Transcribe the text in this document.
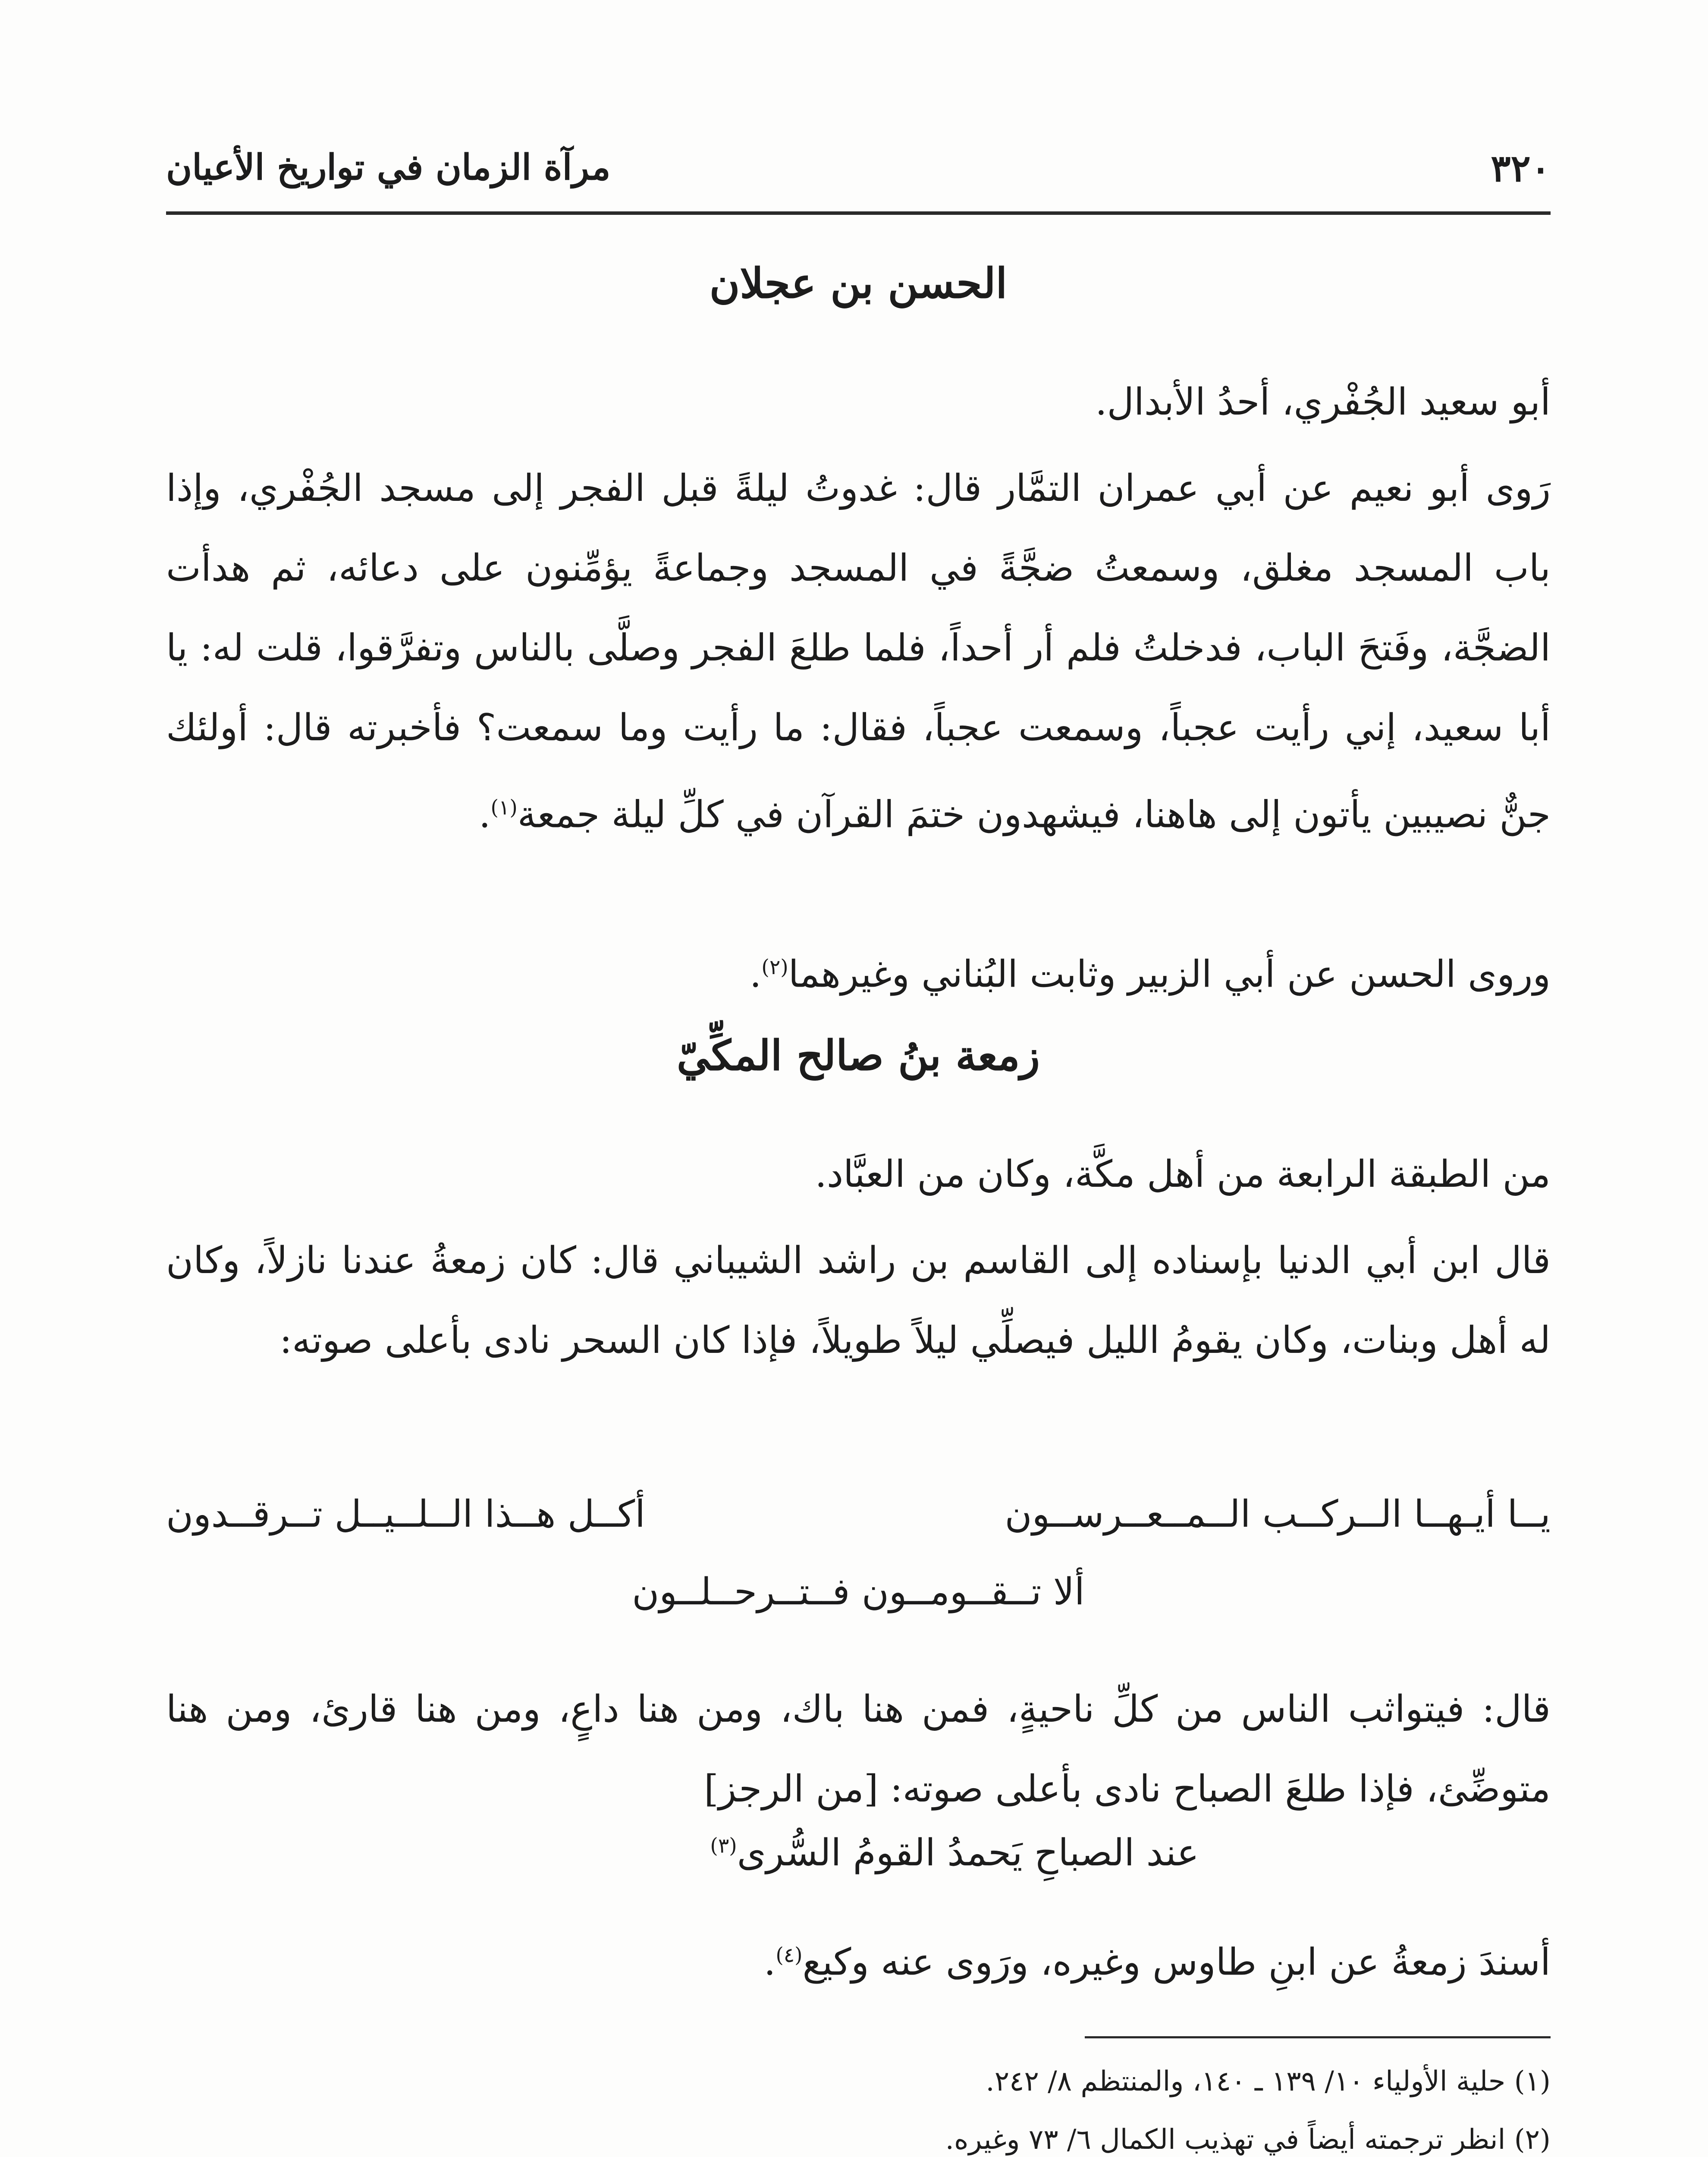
مرآة الزمان في تواريخ الأعيان	٣٢٠
الحسن بن عجلان
أبو سعيد الجُفْري، أحدُ الأبدال.
رَوى أبو نعيم عن أبي عمران التمَّار قال: غدوتُ ليلةً قبل الفجر إلى مسجد الجُفْري، وإذا باب المسجد مغلق، وسمعتُ ضجَّةً في المسجد وجماعةً يؤمِّنون على دعائه، ثم هدأت الضجَّة، وفَتحَ الباب، فدخلتُ فلم أر أحداً، فلما طلعَ الفجر وصلَّى بالناس وتفرَّقوا، قلت له: يا أبا سعيد، إني رأيت عجباً، وسمعت عجباً، فقال: ما رأيت وما سمعت؟ فأخبرته قال: أولئك جنٌّ نصيبين يأتون إلى هاهنا، فيشهدون ختمَ القرآن في كلِّ ليلة جمعة$^{(١)}$.
وروى الحسن عن أبي الزبير وثابت البُناني وغيرهما$^{(٢)}$.
زمعة بنُ صالح المكِّيّ
من الطبقة الرابعة من أهل مكَّة، وكان من العبَّاد.
قال ابن أبي الدنيا بإسناده إلى القاسم بن راشد الشيباني قال: كان زمعةُ عندنا نازلاً، وكان له أهل وبنات، وكان يقومُ الليل فيصلِّي ليلاً طويلاً، فإذا كان السحر نادى بأعلى صوته:
يــا أيـهــا الــركــب الــمــعــرســون
أكــل هــذا الــلــيــل تــرقــدون
ألا تــقــومــون فــتــرحــلــون
قال: فيتواثب الناس من كلِّ ناحيةٍ، فمن هنا باك، ومن هنا داعٍ، ومن هنا قارئ، ومن هنا متوضِّئ، فإذا طلعَ الصباح نادى بأعلى صوته: [من الرجز]
عند الصباحِ يَحمدُ القومُ السُّرى$^{(٣)}$
أسندَ زمعةُ عن ابنِ طاوس وغيره، ورَوى عنه وكيع$^{(٤)}$.
(١) حلية الأولياء ١٠/ ١٣٩ ـ ١٤٠، والمنتظم ٨/ ٢٤٢.
(٢) انظر ترجمته أيضاً في تهذيب الكمال ٦/ ٧٣ وغيره.
